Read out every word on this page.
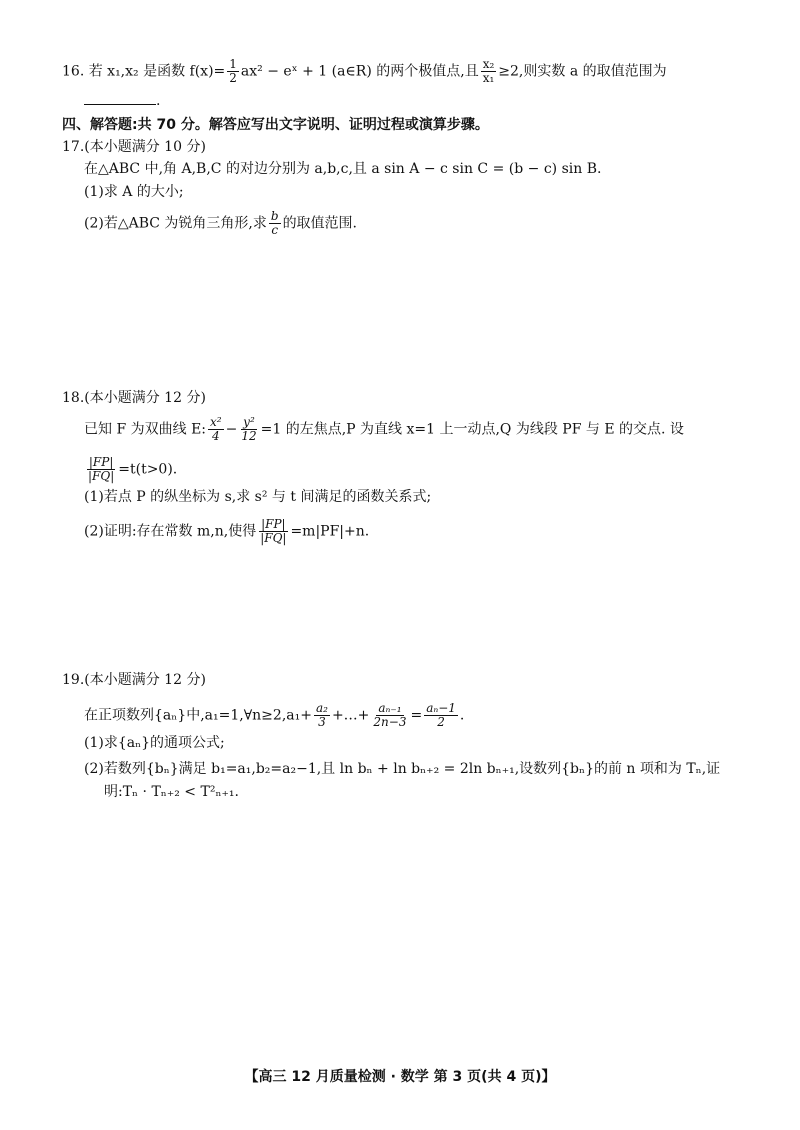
16. 若 x₁,x₂ 是函数 $f(x)= \frac{1}{2} ax^2$ − eˣ + 1 (a∈R) 的两个极值点,且 $\frac{\text{x₂}}{\text{x₁}} \ge 2$,则实数 a 的取值范围为
.
四、解答题:共 70 分。解答应写出文字说明、证明过程或演算步骤。
17.(本小题满分 10 分)
在△ABC 中,角 A,B,C 的对边分别为 a,b,c,且 a sin A − c sin C = (b − c) sin B.
(1)求 A 的大小;
(2)若△ABC 为锐角三角形,求 $\frac{b}{c}$ 的取值范围.
18.(本小题满分 12 分)
已知 F 为双曲线 E: $\frac{\text{x²}}{4} - \frac{\text{y²}}{12} =1$ 的左焦点,P 为直线 x=1 上一动点,Q 为线段 PF 与 E 的交点. 设
$\frac{|FP|}{|FQ|} =t(t>0)$.
(1)若点 P 的纵坐标为 s,求 s² 与 t 间满足的函数关系式;
(2)证明:存在常数 m,n,使得 $\frac{|FP|}{|FQ|} =m|PF|+n$.
19.(本小题满分 12 分)
在正项数列{aₙ}中,a₁=1,∀n≥2,a₁+ $\frac{\text{a₂}}{3}$ +…+ $\frac{\text{aₙ₋₁}}{2n-3} = \frac{\text{aₙ−1}}{2}$ .
(1)求{aₙ}的通项公式;
(2)若数列{bₙ}满足 b₁=a₁,b₂=a₂−1,且 ln bₙ + ln bₙ₊₂ = 2ln bₙ₊₁,设数列{bₙ}的前 n 项和为 Tₙ,证
明:Tₙ · Tₙ₊₂ < T²ₙ₊₁.
【高三 12 月质量检测 · 数学 第 3 页(共 4 页)】
